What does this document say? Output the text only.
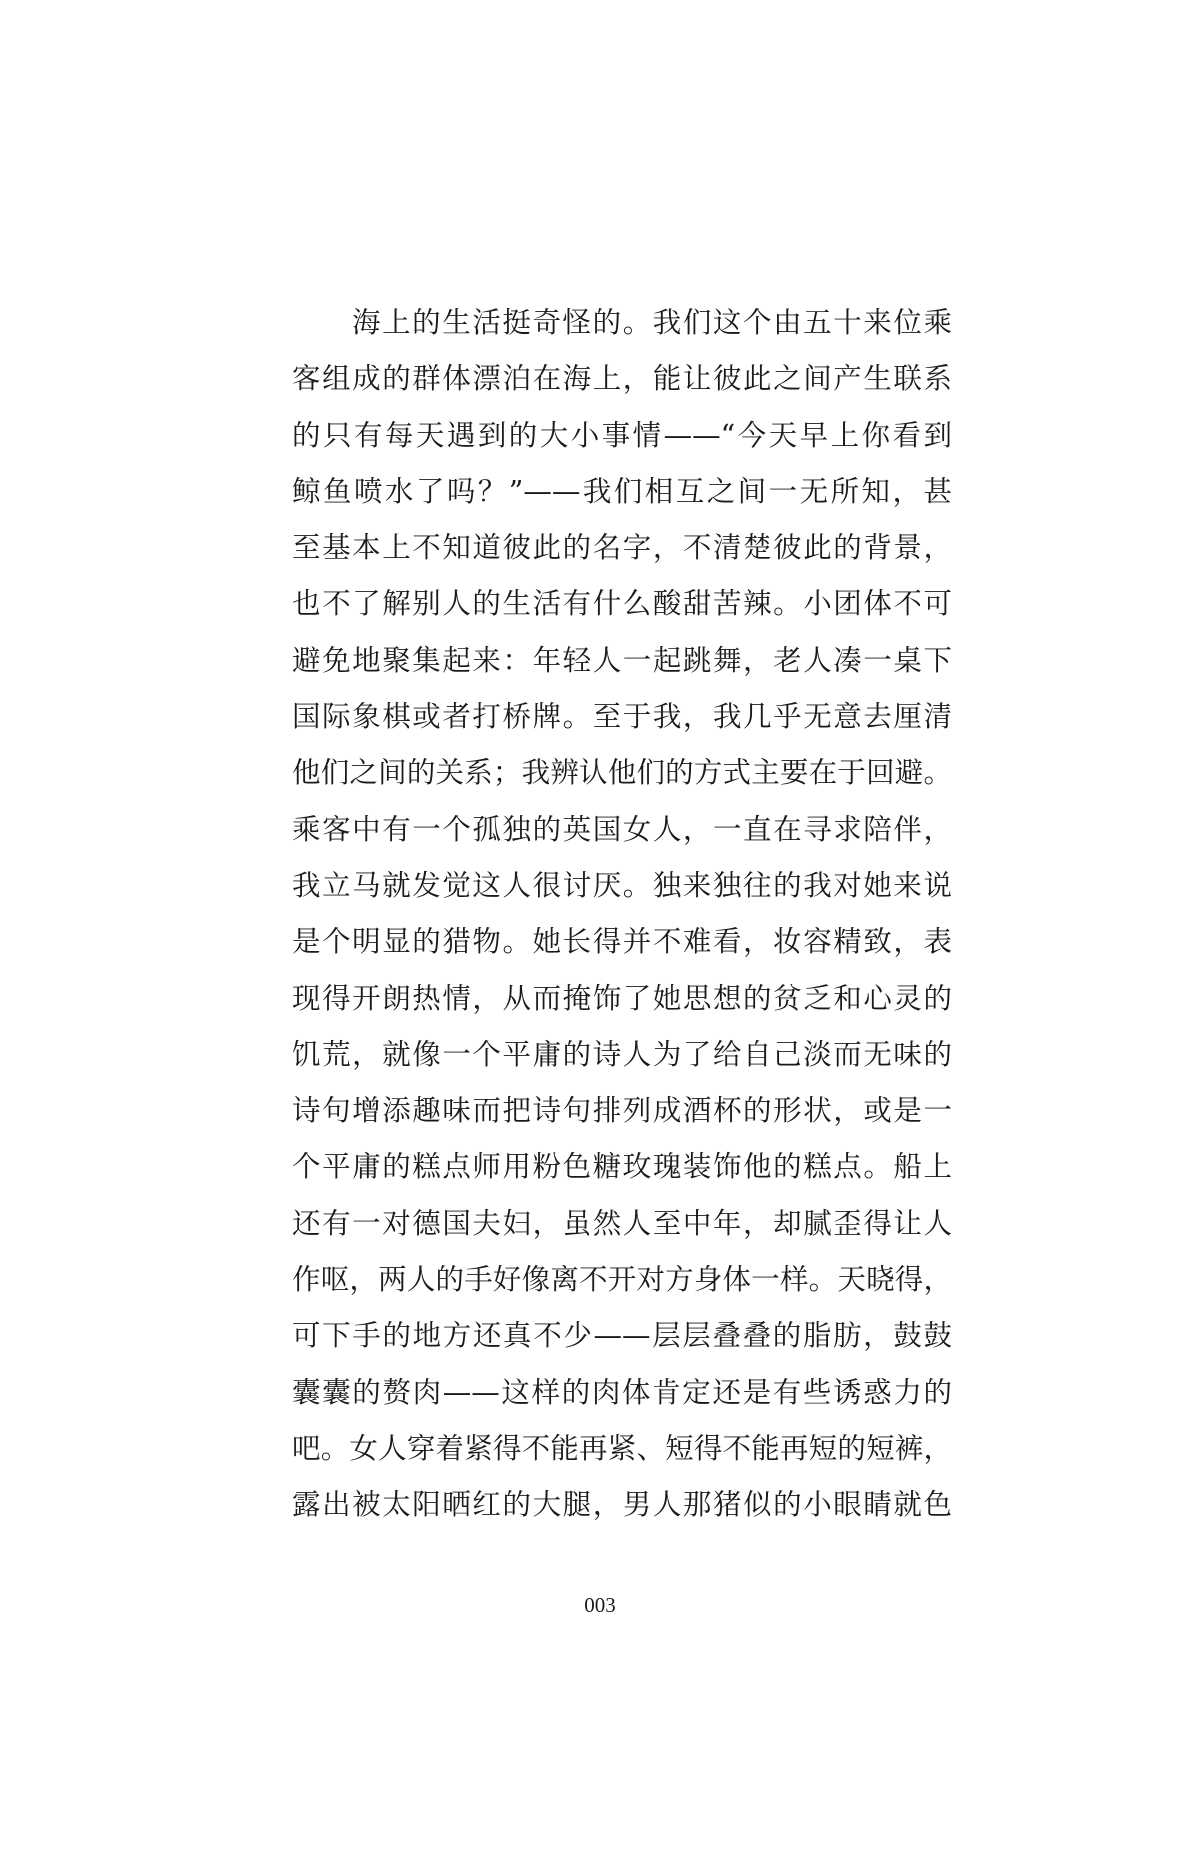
海上的生活挺奇怪的。我们这个由五十来位乘
客组成的群体漂泊在海上，能让彼此之间产生联系
的只有每天遇到的大小事情——“今天早上你看到
鲸鱼喷水了吗？”——我们相互之间一无所知，甚
至基本上不知道彼此的名字，不清楚彼此的背景，
也不了解别人的生活有什么酸甜苦辣。小团体不可
避免地聚集起来：年轻人一起跳舞，老人凑一桌下
国际象棋或者打桥牌。至于我，我几乎无意去厘清
他们之间的关系；我辨认他们的方式主要在于回避。
乘客中有一个孤独的英国女人，一直在寻求陪伴，
我立马就发觉这人很讨厌。独来独往的我对她来说
是个明显的猎物。她长得并不难看，妆容精致，表
现得开朗热情，从而掩饰了她思想的贫乏和心灵的
饥荒，就像一个平庸的诗人为了给自己淡而无味的
诗句增添趣味而把诗句排列成酒杯的形状，或是一
个平庸的糕点师用粉色糖玫瑰装饰他的糕点。船上
还有一对德国夫妇，虽然人至中年，却腻歪得让人
作呕，两人的手好像离不开对方身体一样。天晓得，
可下手的地方还真不少——层层叠叠的脂肪，鼓鼓
囊囊的赘肉——这样的肉体肯定还是有些诱惑力的
吧。女人穿着紧得不能再紧、短得不能再短的短裤，
露出被太阳晒红的大腿，男人那猪似的小眼睛就色
003
